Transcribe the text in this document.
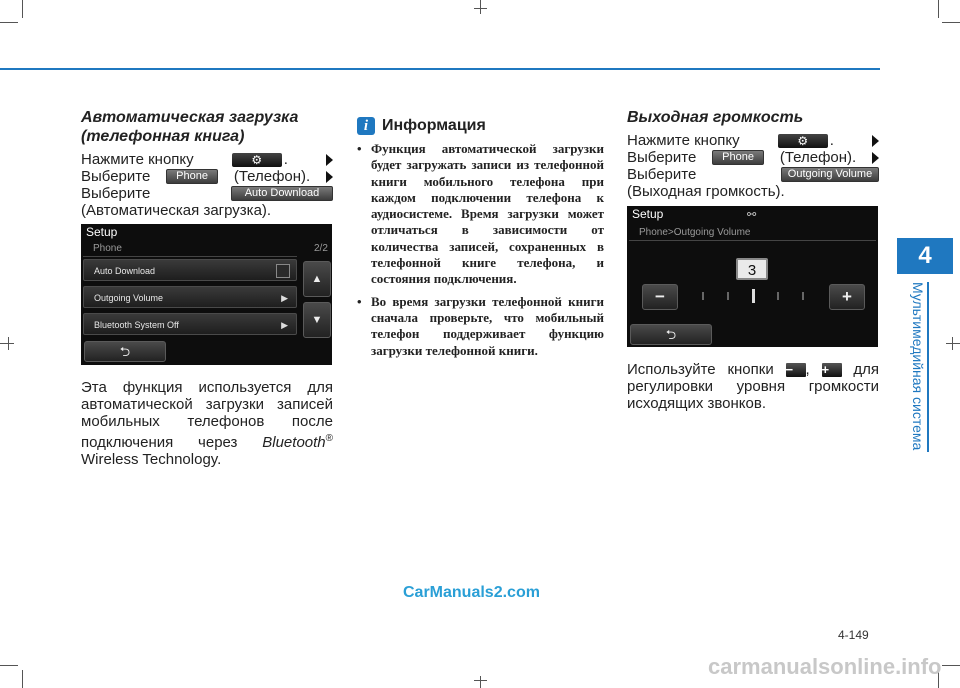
4
Мультимедийная система
Автоматическая загрузка
(телефонная книга)
Нажмите кнопку	⚙	.
Выберите	Phone	(Телефон).
Выберите	Auto Download
(Автоматическая загрузка).
Setup
Phone	2/2
Auto Download
Outgoing Volume	▶
Bluetooth System Off	▶
▲
▼
⮌
Эта функция используется для автоматической загрузки записей мобильных телефонов после подключения через Bluetooth® Wireless Technology.
i Информация
• Функция автоматической загрузки будет загружать записи из телефонной книги мобильного телефона при каждом подключении телефона к аудиосистеме. Время загрузки может отличаться в зависимости от количества записей, сохраненных в телефонной книге телефона, и состояния подключения.
• Во время загрузки телефонной книги сначала проверьте, что мобильный телефон поддерживает функцию загрузки телефонной книги.
Выходная громкость
Нажмите кнопку	⚙	.
Выберите	Phone	(Телефон).
Выберите	Outgoing Volume
(Выходная громкость).
Setup	⚯
Phone>Outgoing Volume
3
−	+
⮌
Используйте кнопки − , + для регулировки уровня громкости исходящих звонков.
CarManuals2.com
4-149
carmanualsonline.info
